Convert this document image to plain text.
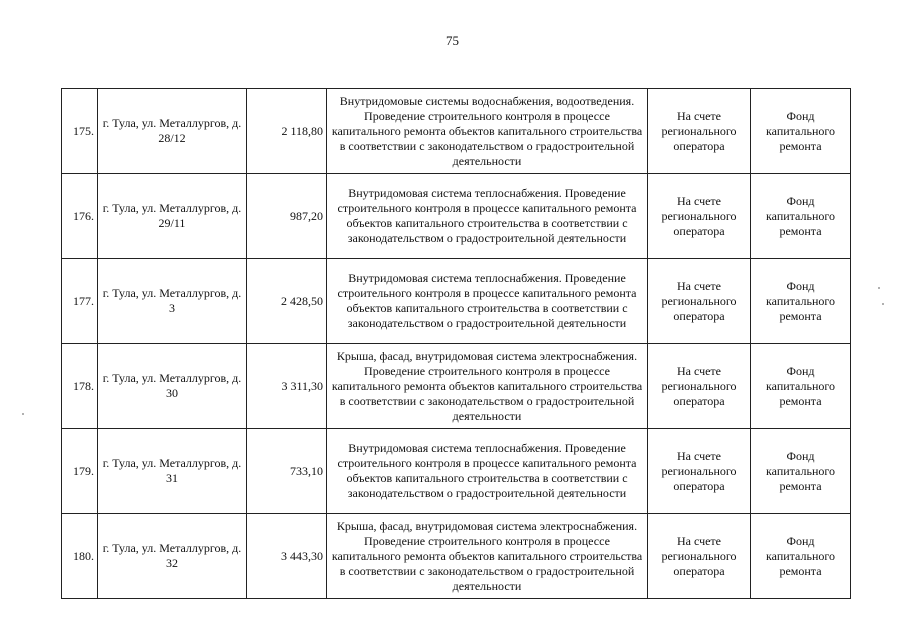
75
175.	г. Тула, ул. Металлургов, д. 28/12	2 118,80	Внутридомовые системы водоснабжения, водоотведения. Проведение строительного контроля в процессе капитального ремонта объектов капитального строительства в соответствии с законодательством о градостроительной деятельности	На счете регионального оператора	Фонд капитального ремонта
176.	г. Тула, ул. Металлургов, д. 29/11	987,20	Внутридомовая система теплоснабжения. Проведение строительного контроля в процессе капитального ремонта объектов капитального строительства в соответствии с законодательством о градостроительной деятельности	На счете регионального оператора	Фонд капитального ремонта
177.	г. Тула, ул. Металлургов, д. 3	2 428,50	Внутридомовая система теплоснабжения. Проведение строительного контроля в процессе капитального ремонта объектов капитального строительства в соответствии с законодательством о градостроительной деятельности	На счете регионального оператора	Фонд капитального ремонта
178.	г. Тула, ул. Металлургов, д. 30	3 311,30	Крыша, фасад, внутридомовая система электроснабжения. Проведение строительного контроля в процессе капитального ремонта объектов капитального строительства в соответствии с законодательством о градостроительной деятельности	На счете регионального оператора	Фонд капитального ремонта
179.	г. Тула, ул. Металлургов, д. 31	733,10	Внутридомовая система теплоснабжения. Проведение строительного контроля в процессе капитального ремонта объектов капитального строительства в соответствии с законодательством о градостроительной деятельности	На счете регионального оператора	Фонд капитального ремонта
180.	г. Тула, ул. Металлургов, д. 32	3 443,30	Крыша, фасад, внутридомовая система электроснабжения. Проведение строительного контроля в процессе капитального ремонта объектов капитального строительства в соответствии с законодательством о градостроительной деятельности	На счете регионального оператора	Фонд капитального ремонта
